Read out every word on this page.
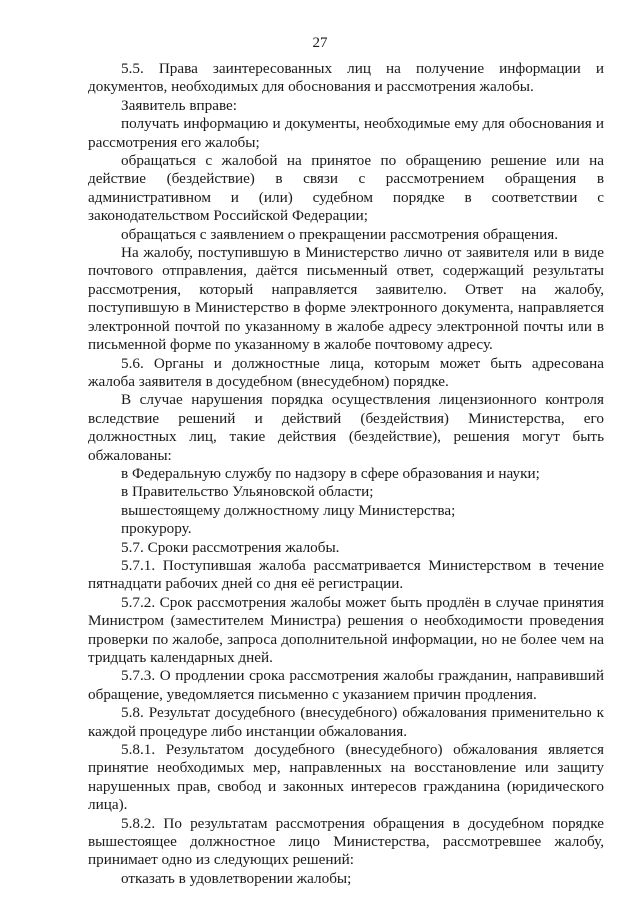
27

5.5. Права заинтересованных лиц на получение информации и документов, необходимых для обоснования и рассмотрения жалобы.

Заявитель вправе:

получать информацию и документы, необходимые ему для обоснования и рассмотрения его жалобы;

обращаться с жалобой на принятое по обращению решение или на действие (бездействие) в связи с рассмотрением обращения в административном и (или) судебном порядке в соответствии с законодательством Российской Федерации;

обращаться с заявлением о прекращении рассмотрения обращения.

На жалобу, поступившую в Министерство лично от заявителя или в виде почтового отправления, даётся письменный ответ, содержащий результаты рассмотрения, который направляется заявителю. Ответ на жалобу, поступившую в Министерство в форме электронного документа, направляется электронной почтой по указанному в жалобе адресу электронной почты или в письменной форме по указанному в жалобе почтовому адресу.

5.6. Органы и должностные лица, которым может быть адресована жалоба заявителя в досудебном (внесудебном) порядке.

В случае нарушения порядка осуществления лицензионного контроля вследствие решений и действий (бездействия) Министерства, его должностных лиц, такие действия (бездействие), решения могут быть обжалованы:

в Федеральную службу по надзору в сфере образования и науки;

в Правительство Ульяновской области;

вышестоящему должностному лицу Министерства;

прокурору.

5.7. Сроки рассмотрения жалобы.

5.7.1. Поступившая жалоба рассматривается Министерством в течение пятнадцати рабочих дней со дня её регистрации.

5.7.2. Срок рассмотрения жалобы может быть продлён в случае принятия Министром (заместителем Министра) решения о необходимости проведения проверки по жалобе, запроса дополнительной информации, но не более чем на тридцать календарных дней.

5.7.3. О продлении срока рассмотрения жалобы гражданин, направивший обращение, уведомляется письменно с указанием причин продления.

5.8. Результат досудебного (внесудебного) обжалования применительно к каждой процедуре либо инстанции обжалования.

5.8.1. Результатом досудебного (внесудебного) обжалования является принятие необходимых мер, направленных на восстановление или защиту нарушенных прав, свобод и законных интересов гражданина (юридического лица).

5.8.2. По результатам рассмотрения обращения в досудебном порядке вышестоящее должностное лицо Министерства, рассмотревшее жалобу, принимает одно из следующих решений:

отказать в удовлетворении жалобы;
